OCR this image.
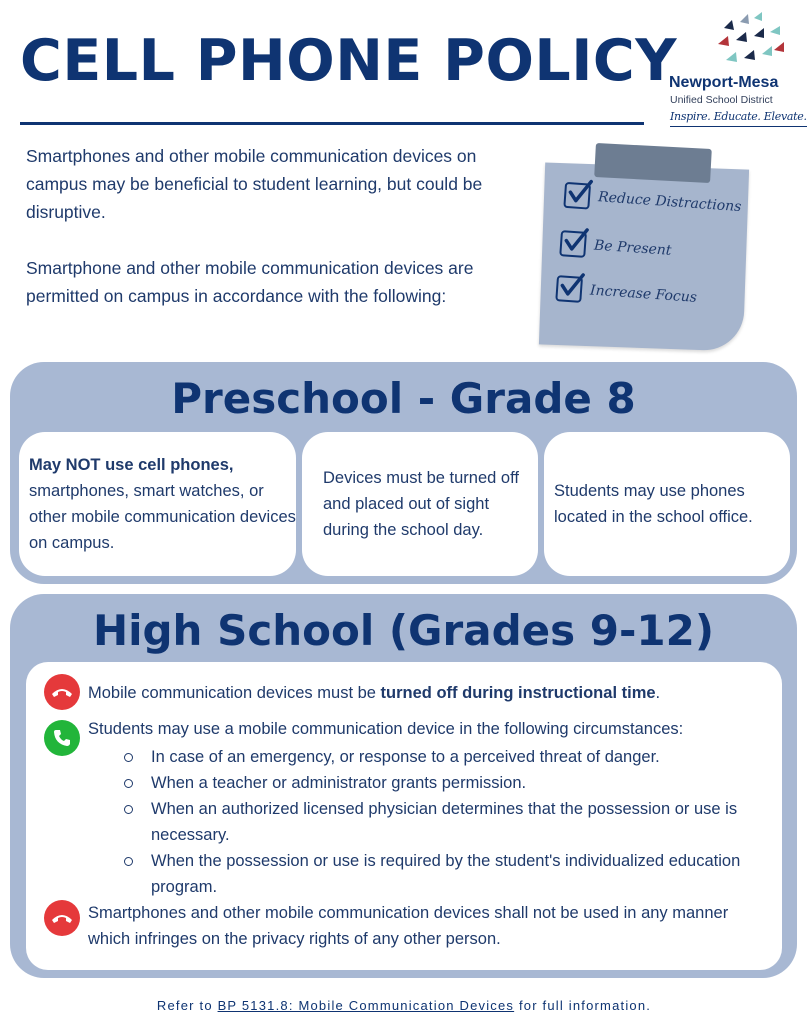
CELL PHONE POLICY
Newport-Mesa
Unified School District
Inspire. Educate. Elevate.

Smartphones and other mobile communication devices on campus may be beneficial to student learning, but could be disruptive.

Smartphone and other mobile communication devices are permitted on campus in accordance with the following:

Reduce Distractions
Be Present
Increase Focus
Preschool - Grade 8
May NOT use cell phones, smartphones, smart watches, or other mobile communication devices on campus.
Devices must be turned off and placed out of sight during the school day.
Students may use phones located in the school office.
High School (Grades 9-12)
Mobile communication devices must be turned off during instructional time.
Students may use a mobile communication device in the following circumstances:
In case of an emergency, or response to a perceived threat of danger.
When a teacher or administrator grants permission.
When an authorized licensed physician determines that the possession or use is necessary.
When the possession or use is required by the student's individualized education program.
Smartphones and other mobile communication devices shall not be used in any manner which infringes on the privacy rights of any other person.
Refer to BP 5131.8: Mobile Communication Devices for full information.
